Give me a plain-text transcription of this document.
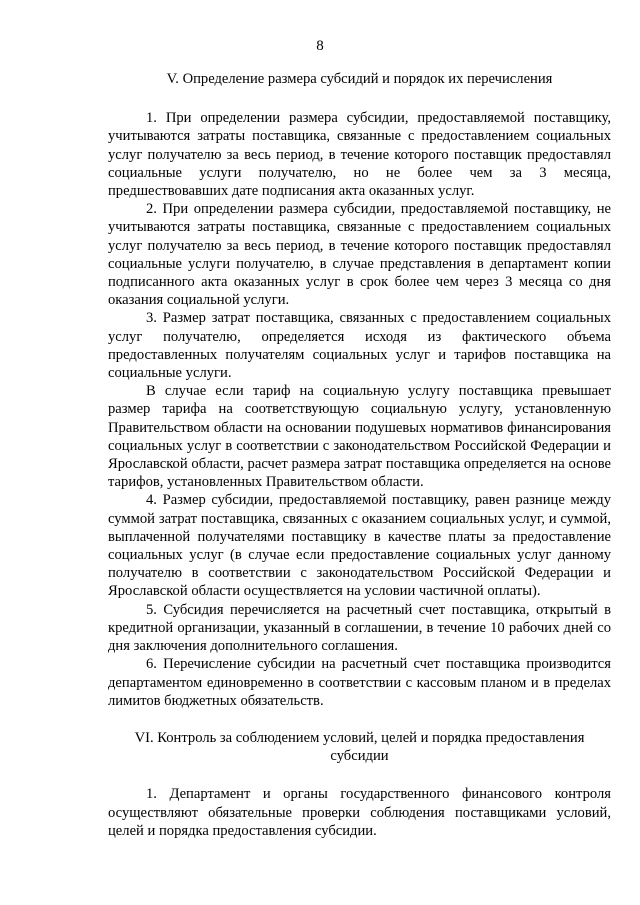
8
V. Определение размера субсидий и порядок их перечисления

1. При определении размера субсидии, предоставляемой поставщику, учитываются затраты поставщика, связанные с предоставлением социальных услуг получателю за весь период, в течение которого поставщик предоставлял социальные услуги получателю, но не более чем за 3 месяца, предшествовавших дате подписания акта оказанных услуг.

2. При определении размера субсидии, предоставляемой поставщику, не учитываются затраты поставщика, связанные с предоставлением социальных услуг получателю за весь период, в течение которого поставщик предоставлял социальные услуги получателю, в случае представления в департамент копии подписанного акта оказанных услуг в срок более чем через 3 месяца со дня оказания социальной услуги.

3. Размер затрат поставщика, связанных с предоставлением социальных услуг получателю, определяется исходя из фактического объема предоставленных получателям социальных услуг и тарифов поставщика на социальные услуги.

В случае если тариф на социальную услугу поставщика превышает размер тарифа на соответствующую социальную услугу, установленную Правительством области на основании подушевых нормативов финансирования социальных услуг в соответствии с законодательством Российской Федерации и Ярославской области, расчет размера затрат поставщика определяется на основе тарифов, установленных Правительством области.

4. Размер субсидии, предоставляемой поставщику, равен разнице между суммой затрат поставщика, связанных с оказанием социальных услуг, и суммой, выплаченной получателями поставщику в качестве платы за предоставление социальных услуг (в случае если предоставление социальных услуг данному получателю в соответствии с законодательством Российской Федерации и Ярославской области осуществляется на условии частичной оплаты).

5. Субсидия перечисляется на расчетный счет поставщика, открытый в кредитной организации, указанный в соглашении, в течение 10 рабочих дней со дня заключения дополнительного соглашения.

6. Перечисление субсидии на расчетный счет поставщика производится департаментом единовременно в соответствии с кассовым планом и в пределах лимитов бюджетных обязательств.

VI. Контроль за соблюдением условий, целей и порядка предоставления
субсидии

1. Департамент и органы государственного финансового контроля осуществляют обязательные проверки соблюдения поставщиками условий, целей и порядка предоставления субсидии.
